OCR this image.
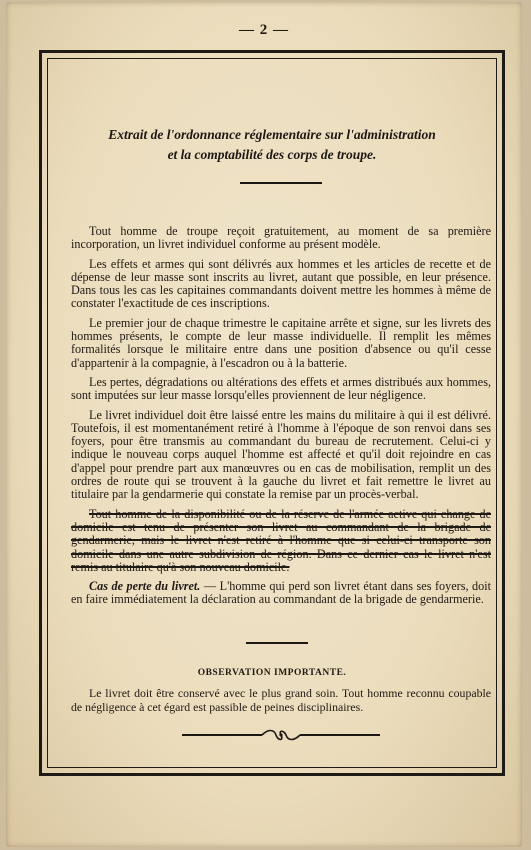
— 2 —
Extrait de l'ordonnance réglementaire sur l'administration
et la comptabilité des corps de troupe.

Tout homme de troupe reçoit gratuitement, au moment de sa première incorporation, un livret individuel conforme au présent modèle.

Les effets et armes qui sont délivrés aux hommes et les articles de recette et de dépense de leur masse sont inscrits au livret, autant que possible, en leur présence. Dans tous les cas les capitaines commandants doivent mettre les hommes à même de constater l'exactitude de ces inscriptions.

Le premier jour de chaque trimestre le capitaine arrête et signe, sur les livrets des hommes présents, le compte de leur masse individuelle. Il remplit les mêmes formalités lorsque le militaire entre dans une position d'absence ou qu'il cesse d'appartenir à la compagnie, à l'escadron ou à la batterie.

Les pertes, dégradations ou altérations des effets et armes distribués aux hommes, sont imputées sur leur masse lorsqu'elles proviennent de leur négligence.

Le livret individuel doit être laissé entre les mains du militaire à qui il est délivré. Toutefois, il est momentanément retiré à l'homme à l'époque de son renvoi dans ses foyers, pour être transmis au commandant du bureau de recrutement. Celui-ci y indique le nouveau corps auquel l'homme est affecté et qu'il doit rejoindre en cas d'appel pour prendre part aux manœuvres ou en cas de mobilisation, remplit un des ordres de route qui se trouvent à la gauche du livret et fait remettre le livret au titulaire par la gendarmerie qui constate la remise par un procès-verbal.

Tout homme de la disponibilité ou de la réserve de l'armée active qui change de domicile est tenu de présenter son livret au commandant de la brigade de gendarmerie, mais le livret n'est retiré à l'homme que si celui-ci transporte son domicile dans une autre subdivision de région. Dans ce dernier cas le livret n'est remis au titulaire qu'à son nouveau domicile.

Cas de perte du livret. — L'homme qui perd son livret étant dans ses foyers, doit en faire immédiatement la déclaration au commandant de la brigade de gendarmerie.

OBSERVATION IMPORTANTE.

Le livret doit être conservé avec le plus grand soin. Tout homme reconnu coupable de négligence à cet égard est passible de peines disciplinaires.
